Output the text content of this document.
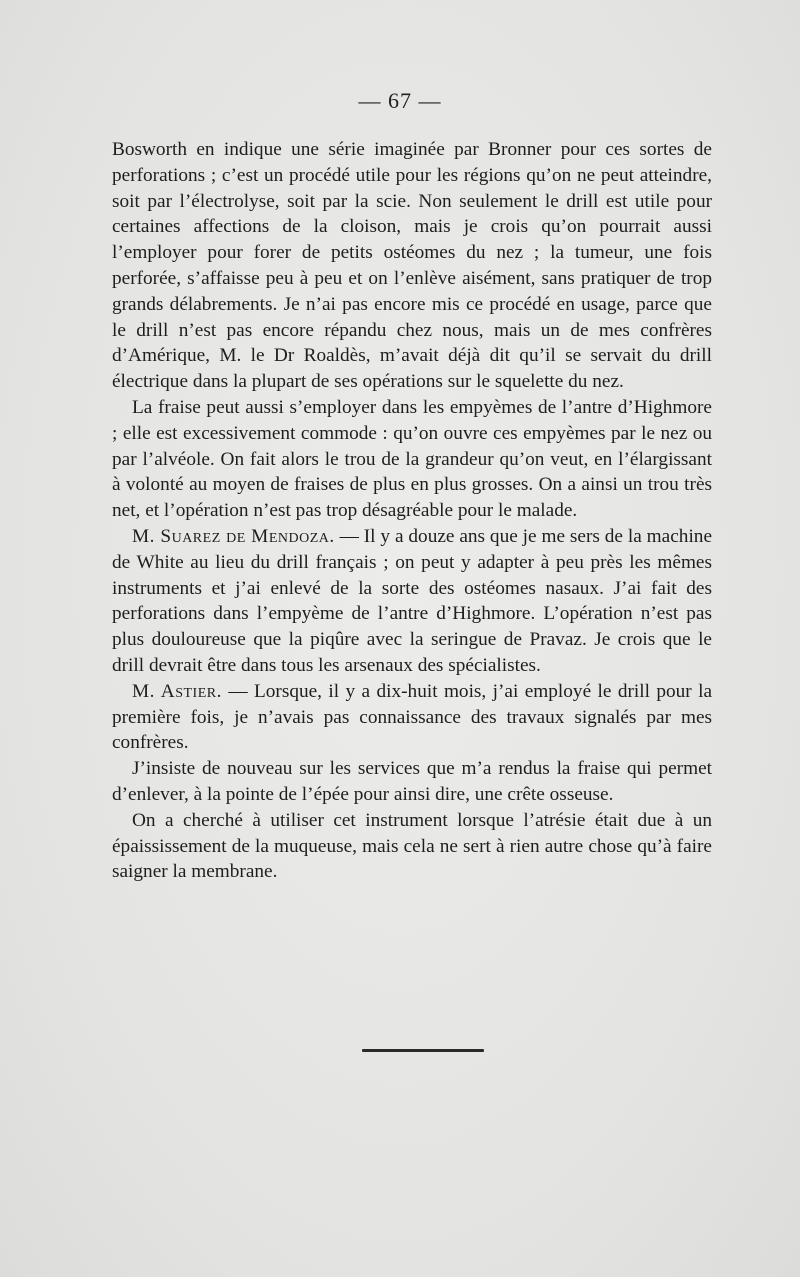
— 67 —

Bosworth en indique une série imaginée par Bronner pour ces sortes de perforations ; c’est un procédé utile pour les régions qu’on ne peut atteindre, soit par l’électrolyse, soit par la scie. Non seulement le drill est utile pour certaines affections de la cloison, mais je crois qu’on pourrait aussi l’employer pour forer de petits ostéomes du nez ; la tumeur, une fois perforée, s’affaisse peu à peu et on l’enlève aisément, sans pratiquer de trop grands délabrements. Je n’ai pas encore mis ce procédé en usage, parce que le drill n’est pas encore répandu chez nous, mais un de mes confrères d’Amérique, M. le Dr Roaldès, m’avait déjà dit qu’il se servait du drill électrique dans la plupart de ses opérations sur le squelette du nez.

La fraise peut aussi s’employer dans les empyèmes de l’antre d’Highmore ; elle est excessivement commode : qu’on ouvre ces empyèmes par le nez ou par l’alvéole. On fait alors le trou de la grandeur qu’on veut, en l’élargissant à volonté au moyen de fraises de plus en plus grosses. On a ainsi un trou très net, et l’opération n’est pas trop désagréable pour le malade.

M. Suarez de Mendoza. — Il y a douze ans que je me sers de la machine de White au lieu du drill français ; on peut y adapter à peu près les mêmes instruments et j’ai enlevé de la sorte des ostéomes nasaux. J’ai fait des perforations dans l’empyème de l’antre d’Highmore. L’opération n’est pas plus douloureuse que la piqûre avec la seringue de Pravaz. Je crois que le drill devrait être dans tous les arsenaux des spécialistes.

M. Astier. — Lorsque, il y a dix-huit mois, j’ai employé le drill pour la première fois, je n’avais pas connaissance des travaux signalés par mes confrères.

J’insiste de nouveau sur les services que m’a rendus la fraise qui permet d’enlever, à la pointe de l’épée pour ainsi dire, une crête osseuse.

On a cherché à utiliser cet instrument lorsque l’atrésie était due à un épaississement de la muqueuse, mais cela ne sert à rien autre chose qu’à faire saigner la membrane.
